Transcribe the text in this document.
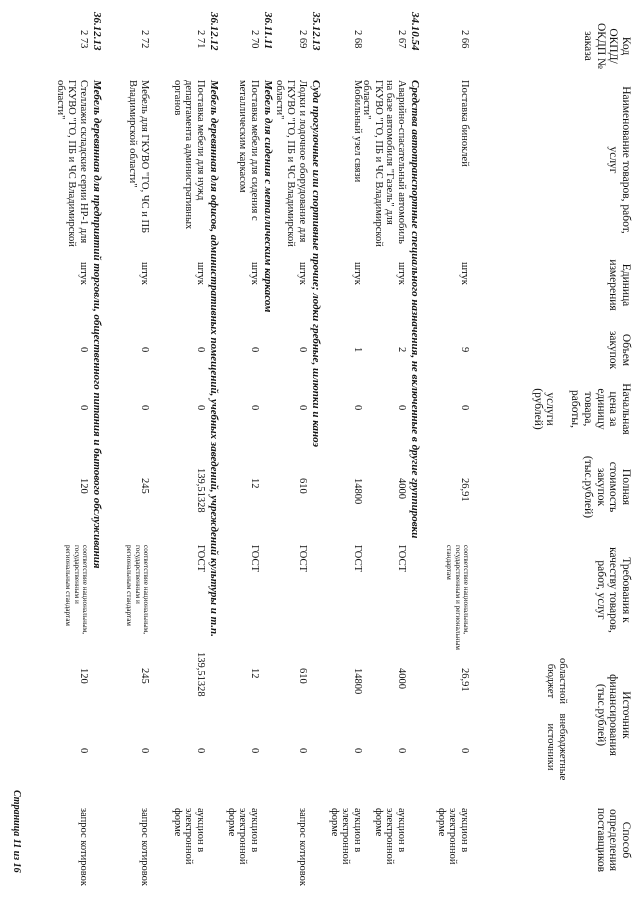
Код ОКПД/ ОКДП № заказа
Наименование товаров, работ, услуг
Единица измерения
Объем закупок
Начальная цена за единицу товара, работы,

услуги (рублей)
Полная стоимость закупок (тыс.рублей)
Требования к качеству товаров, работ, услуг
Источник финансирования (тыс.рублей)
областной бюджет
внебюджетные источники
Способ определения поставщиков
2 66
Поставка биноклей
штук
9
0
26,91
соответствие национальным, государственным и региональным стандартам
26,91
0
аукцион в электронной форме
34.10.54
Средства автотранспортные специального назначения, не включенные в другие группировки
2 67
Аварийно-спасательный автомобиль на базе автомобиля "Газель" для ГКУВО "ГО, ПБ и ЧС Владимирской области"
штук
2
0
4000
ГОСТ
4000
0
аукцион в электронной форме
2 68
Мобильный узел связи
штук
1
0
14800
ГОСТ
14800
0
аукцион в электронной форме
35.12.13
Суда прогулочные или спортивные прочие; лодки гребные, шлюпки и каноэ
2 69
Лодки и лодочное оборудование для ГКУВО "ГО, ПБ и ЧС Владимирской области"
штук
0
0
610
ГОСТ
610
0
запрос котировок
36.11.11
Мебель для сидения с металлическим каркасом
2 70
Поставка мебели для сидения с металлическим каркасом
штук
0
0
12
ГОСТ
12
0
аукцион в электронной форме
36.12.12
Мебель деревянная для офисов, административных помещений, учебных заведений, учреждений культуры и т.п.
2 71
Поставка мебели для нужд департамента административных органов
штук
0
0
139,51328
ГОСТ
139,51328
0
аукцион в электронной форме
2 72
Мебель для ГКУВО "ГО, ЧС и ПБ Владимирской области"
штук
0
0
245
соответствие национальным, государственным и региональным стандартам
245
0
запрос котировок
36.12.13
Мебель деревянная для предприятий торговли, общественного питания и бытового обслуживания
2 73
Стеллажи складские серии НР-1 для ГКУВО "ГО, ПБ и ЧС Владимирской области"
штук
0
0
120
соответствие национальным, государственным и региональным стандартам
120
0
запрос котировок
Страница 11 из 16
